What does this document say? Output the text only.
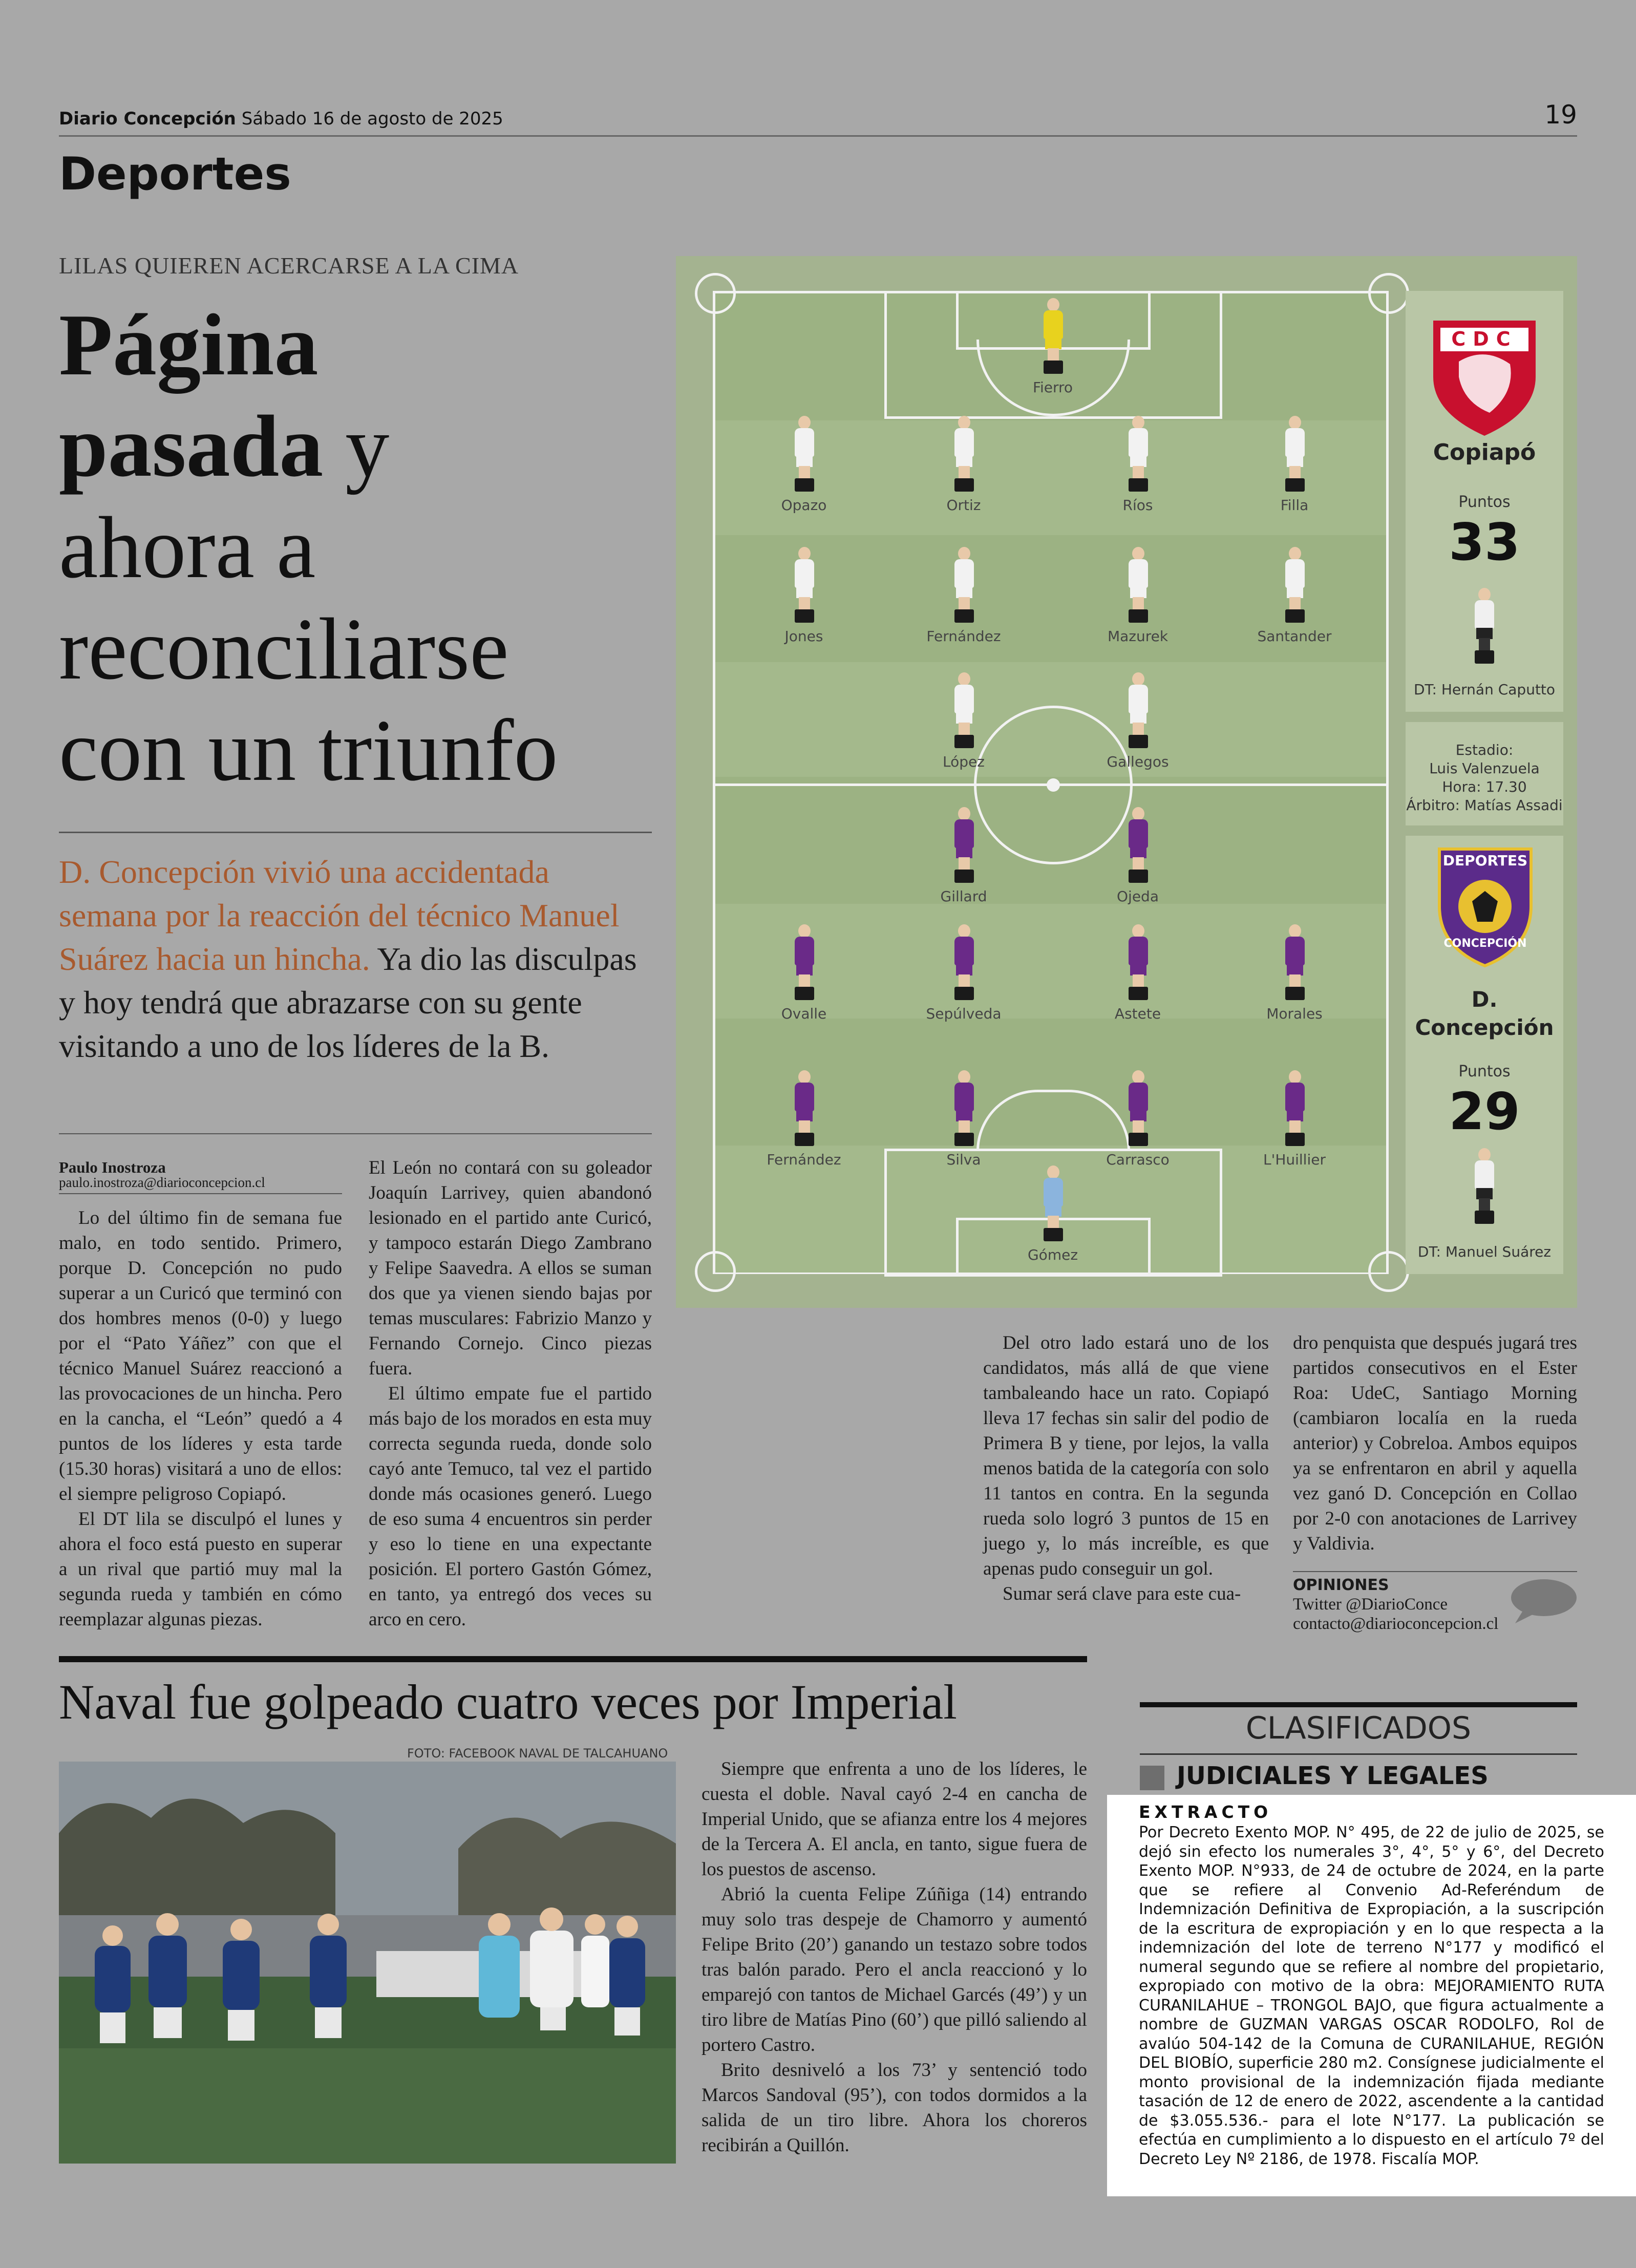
Diario Concepción Sábado 16 de agosto de 2025	19
Deportes
LILAS QUIEREN ACERCARSE A LA CIMA
Página
pasada y
ahora a
reconciliarse
con un triunfo
D. Concepción vivió una accidentada semana por la reacción del técnico Manuel Suárez hacia un hincha. Ya dio las disculpas y hoy tendrá que abrazarse con su gente visitando a uno de los líderes de la B.
Paulo Inostroza
paulo.inostroza@diarioconcepcion.cl

Lo del último fin de semana fue malo, en todo sentido. Primero, porque D. Concepción no pudo superar a un Curicó que terminó con dos hombres menos (0-0) y luego por el “Pato Yáñez” con que el técnico Manuel Suárez reaccionó a las provocaciones de un hincha. Pero en la cancha, el “León” quedó a 4 puntos de los líderes y esta tarde (15.30 horas) visitará a uno de ellos: el siempre peligroso Copiapó.

El DT lila se disculpó el lunes y ahora el foco está puesto en superar a un rival que partió muy mal la segunda rueda y también en cómo reemplazar algunas piezas.

El León no contará con su goleador Joaquín Larrivey, quien abandonó lesionado en el partido ante Curicó, y tampoco estarán Diego Zambrano y Felipe Saavedra. A ellos se suman dos que ya vienen siendo bajas por temas musculares: Fabrizio Manzo y Fernando Cornejo. Cinco piezas fuera.

El último empate fue el partido más bajo de los morados en esta muy correcta segunda rueda, donde solo cayó ante Temuco, tal vez el partido donde más ocasiones generó. Luego de eso suma 4 encuentros sin perder y eso lo tiene en una expectante posición. El portero Gastón Gómez, en tanto, ya entregó dos veces su arco en cero.

Del otro lado estará uno de los candidatos, más allá de que viene tambaleando hace un rato. Copiapó lleva 17 fechas sin salir del podio de Primera B y tiene, por lejos, la valla menos batida de la categoría con solo 11 tantos en contra. En la segunda rueda solo logró 3 puntos de 15 en juego y, lo más increíble, es que apenas pudo conseguir un gol.

Sumar será clave para este cua-

dro penquista que después jugará tres partidos consecutivos en el Ester Roa: UdeC, Santiago Morning (cambiaron localía en la rueda anterior) y Cobreloa. Ambos equipos ya se enfrentaron en abril y aquella vez ganó D. Concepción en Collao por 2-0 con anotaciones de Larrivey y Valdivia.

OPINIONES
Twitter @DiarioConce
contacto@diarioconcepcion.cl
Fierro
Opazo	Ortiz	Ríos	Filla
Jones	Fernández	Mazurek	Santander
López	Gallegos
Gillard	Ojeda
Ovalle	Sepúlveda	Astete	Morales
Fernández	Silva	Carrasco	L'Huillier
Gómez
CDC
Copiapó
Puntos
33
DT: Hernán Caputto
Estadio:
Luis Valenzuela
Hora: 17.30
Árbitro: Matías Assadi
DEPORTES
CONCEPCIÓN
D.
Concepción
Puntos
29
DT: Manuel Suárez
Naval fue golpeado cuatro veces por Imperial
FOTO: FACEBOOK NAVAL DE TALCAHUANO

Siempre que enfrenta a uno de los líderes, le cuesta el doble. Naval cayó 2-4 en cancha de Imperial Unido, que se afianza entre los 4 mejores de la Tercera A. El ancla, en tanto, sigue fuera de los puestos de ascenso.

Abrió la cuenta Felipe Zúñiga (14) entrando muy solo tras despeje de Chamorro y aumentó Felipe Brito (20’) ganando un testazo sobre todos tras balón parado. Pero el ancla reaccionó y lo emparejó con tantos de Michael Garcés (49’) y un tiro libre de Matías Pino (60’) que pilló saliendo al portero Castro.

Brito desniveló a los 73’ y sentenció todo Marcos Sandoval (95’), con todos dormidos a la salida de un tiro libre. Ahora los choreros recibirán a Quillón.

CLASIFICADOS
JUDICIALES Y LEGALES
EXTRACTO
Por Decreto Exento MOP. N° 495, de 22 de julio de 2025, se dejó sin efecto los numerales 3°, 4°, 5° y 6°, del Decreto Exento MOP. N°933, de 24 de octubre de 2024, en la parte que se refiere al Convenio Ad-Referéndum de Indemnización Definitiva de Expropiación, a la suscripción de la escritura de expropiación y en lo que respecta a la indemnización del lote de terreno N°177 y modificó el numeral segundo que se refiere al nombre del propietario, expropiado con motivo de la obra: MEJORAMIENTO RUTA CURANILAHUE – TRONGOL BAJO, que figura actualmente a nombre de GUZMAN VARGAS OSCAR RODOLFO, Rol de avalúo 504-142 de la Comuna de CURANILAHUE, REGIÓN DEL BIOBÍO, superficie 280 m2. Consígnese judicialmente el monto provisional de la indemnización fijada mediante tasación de 12 de enero de 2022, ascendente a la cantidad de $3.055.536.- para el lote N°177. La publicación se efectúa en cumplimiento a lo dispuesto en el artículo 7º del Decreto Ley Nº 2186, de 1978. Fiscalía MOP.
